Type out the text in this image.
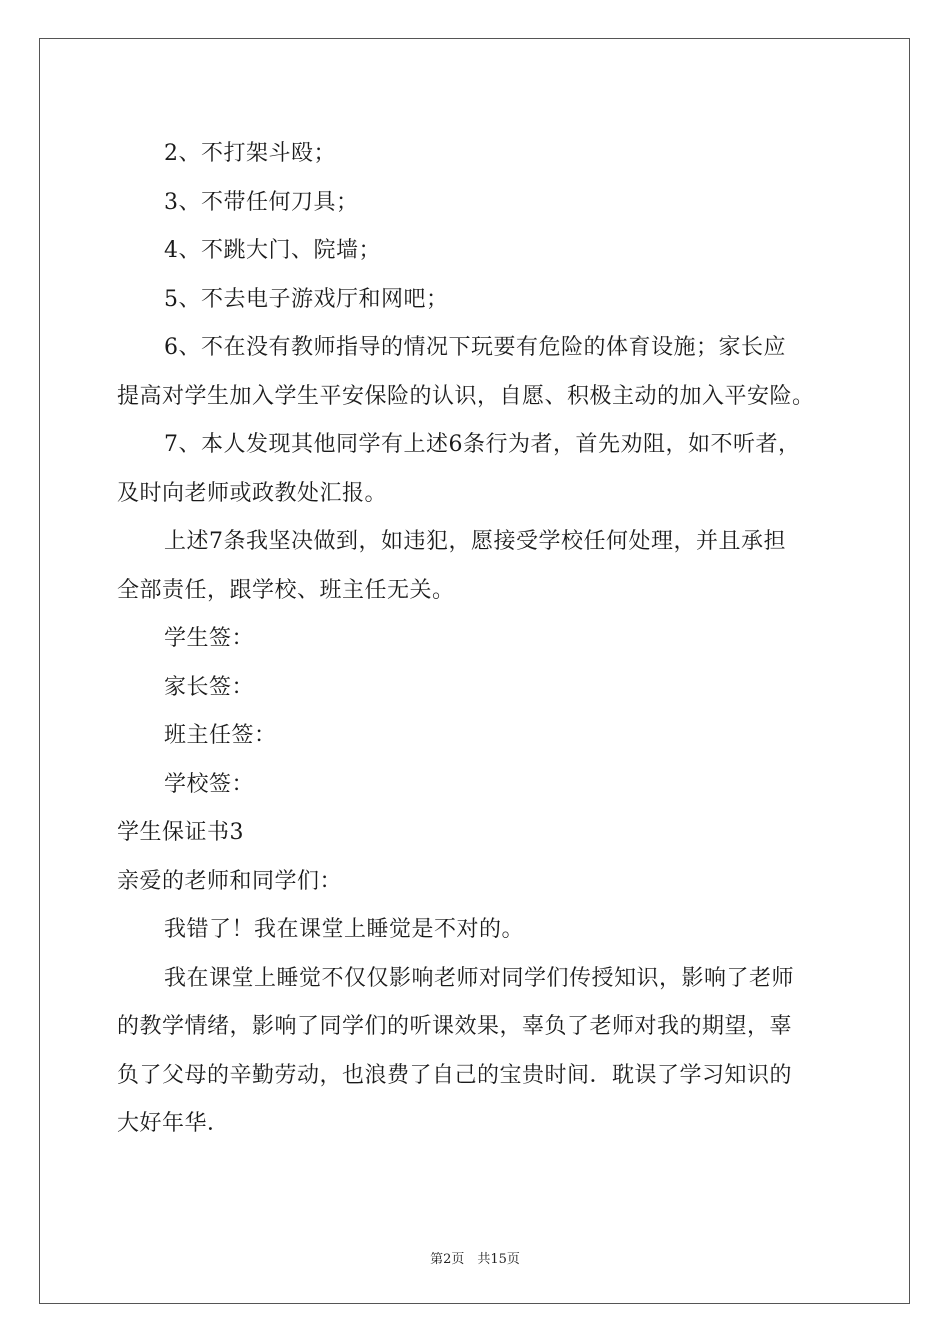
2、不打架斗殴；

3、不带任何刀具；

4、不跳大门、院墙；

5、不去电子游戏厅和网吧；

6、不在没有教师指导的情况下玩要有危险的体育设施；家长应

提高对学生加入学生平安保险的认识，自愿、积极主动的加入平安险。

7、本人发现其他同学有上述6条行为者，首先劝阻，如不听者，

及时向老师或政教处汇报。

上述7条我坚决做到，如违犯，愿接受学校任何处理，并且承担

全部责任，跟学校、班主任无关。

学生签：

家长签：

班主任签：

学校签：

学生保证书3

亲爱的老师和同学们：

我错了！我在课堂上睡觉是不对的。

我在课堂上睡觉不仅仅影响老师对同学们传授知识，影响了老师

的教学情绪，影响了同学们的听课效果，辜负了老师对我的期望，辜

负了父母的辛勤劳动，也浪费了自己的宝贵时间．耽误了学习知识的

大好年华．

第2页　共15页
